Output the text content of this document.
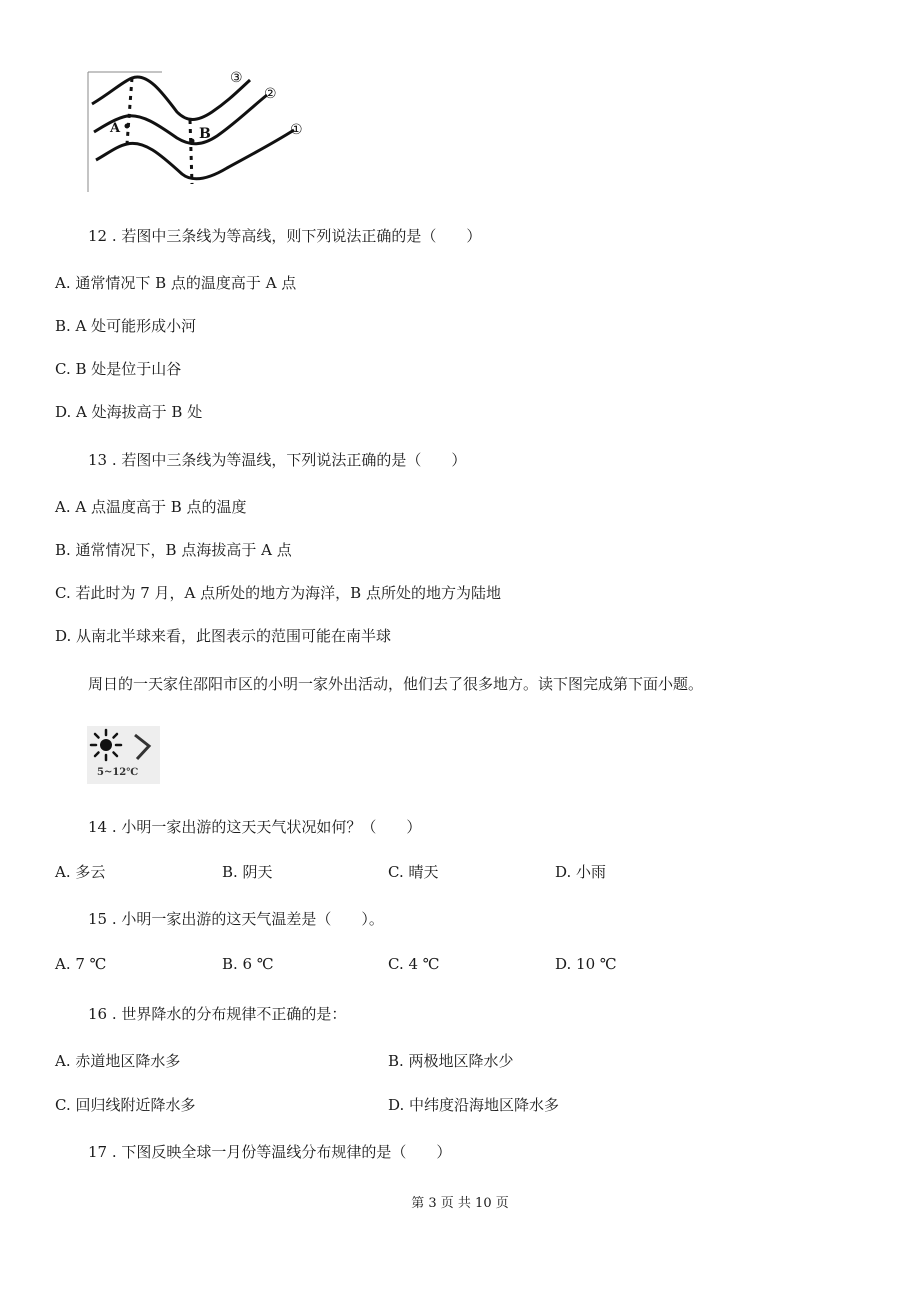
A	B
③
②
①
12 . 若图中三条线为等高线，则下列说法正确的是（　　）
A. 通常情况下 B 点的温度高于 A 点
B. A 处可能形成小河
C. B 处是位于山谷
D. A 处海拔高于 B 处
13 . 若图中三条线为等温线，下列说法正确的是（　　）
A. A 点温度高于 B 点的温度
B. 通常情况下，B 点海拔高于 A 点
C. 若此时为 7 月，A 点所处的地方为海洋，B 点所处的地方为陆地
D. 从南北半球来看，此图表示的范围可能在南半球
周日的一天家住邵阳市区的小明一家外出活动，他们去了很多地方。读下图完成第下面小题。
5~12℃
14 . 小明一家出游的这天天气状况如何？（　　）
A. 多云	B. 阴天	C. 晴天	D. 小雨
15 . 小明一家出游的这天气温差是（　　）。
A. 7 ℃	B. 6 ℃	C. 4 ℃	D. 10 ℃
16 . 世界降水的分布规律不正确的是：
A. 赤道地区降水多	B. 两极地区降水少
C. 回归线附近降水多	D. 中纬度沿海地区降水多
17 . 下图反映全球一月份等温线分布规律的是（　　）
第 3 页 共 10 页
